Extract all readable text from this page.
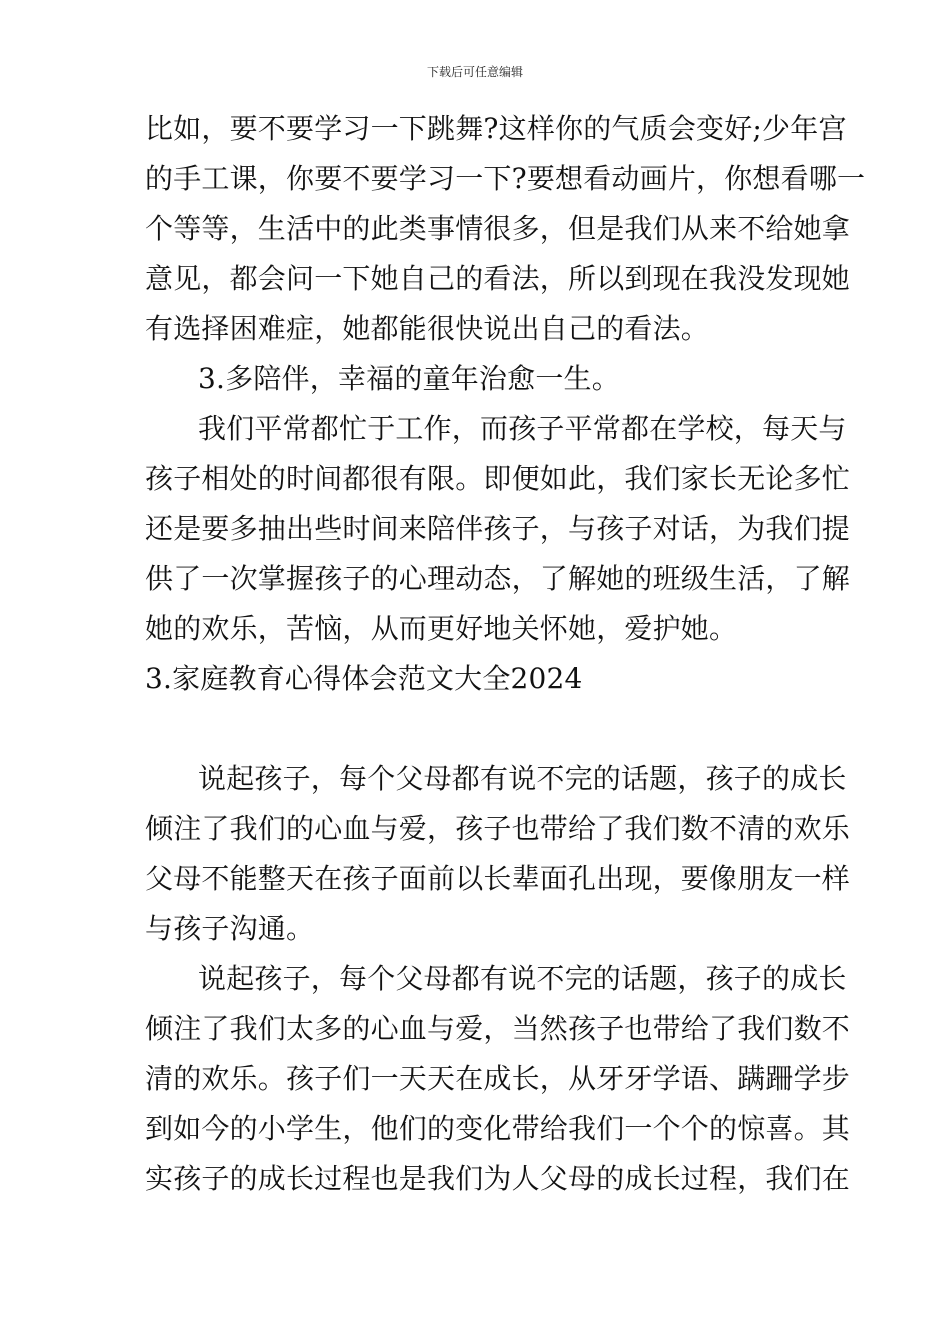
下载后可任意编辑
比如，要不要学习一下跳舞?这样你的气质会变好;少年宫
的手工课，你要不要学习一下?要想看动画片，你想看哪一
个等等，生活中的此类事情很多，但是我们从来不给她拿
意见，都会问一下她自己的看法，所以到现在我没发现她
有选择困难症，她都能很快说出自己的看法。
3.多陪伴，幸福的童年治愈一生。
我们平常都忙于工作，而孩子平常都在学校，每天与
孩子相处的时间都很有限。即便如此，我们家长无论多忙
还是要多抽出些时间来陪伴孩子，与孩子对话，为我们提
供了一次掌握孩子的心理动态，了解她的班级生活，了解
她的欢乐，苦恼，从而更好地关怀她，爱护她。
3.家庭教育心得体会范文大全2024
说起孩子，每个父母都有说不完的话题，孩子的成长
倾注了我们的心血与爱，孩子也带给了我们数不清的欢乐
父母不能整天在孩子面前以长辈面孔出现，要像朋友一样
与孩子沟通。
说起孩子，每个父母都有说不完的话题，孩子的成长
倾注了我们太多的心血与爱，当然孩子也带给了我们数不
清的欢乐。孩子们一天天在成长，从牙牙学语、蹒跚学步
到如今的小学生，他们的变化带给我们一个个的惊喜。其
实孩子的成长过程也是我们为人父母的成长过程，我们在
